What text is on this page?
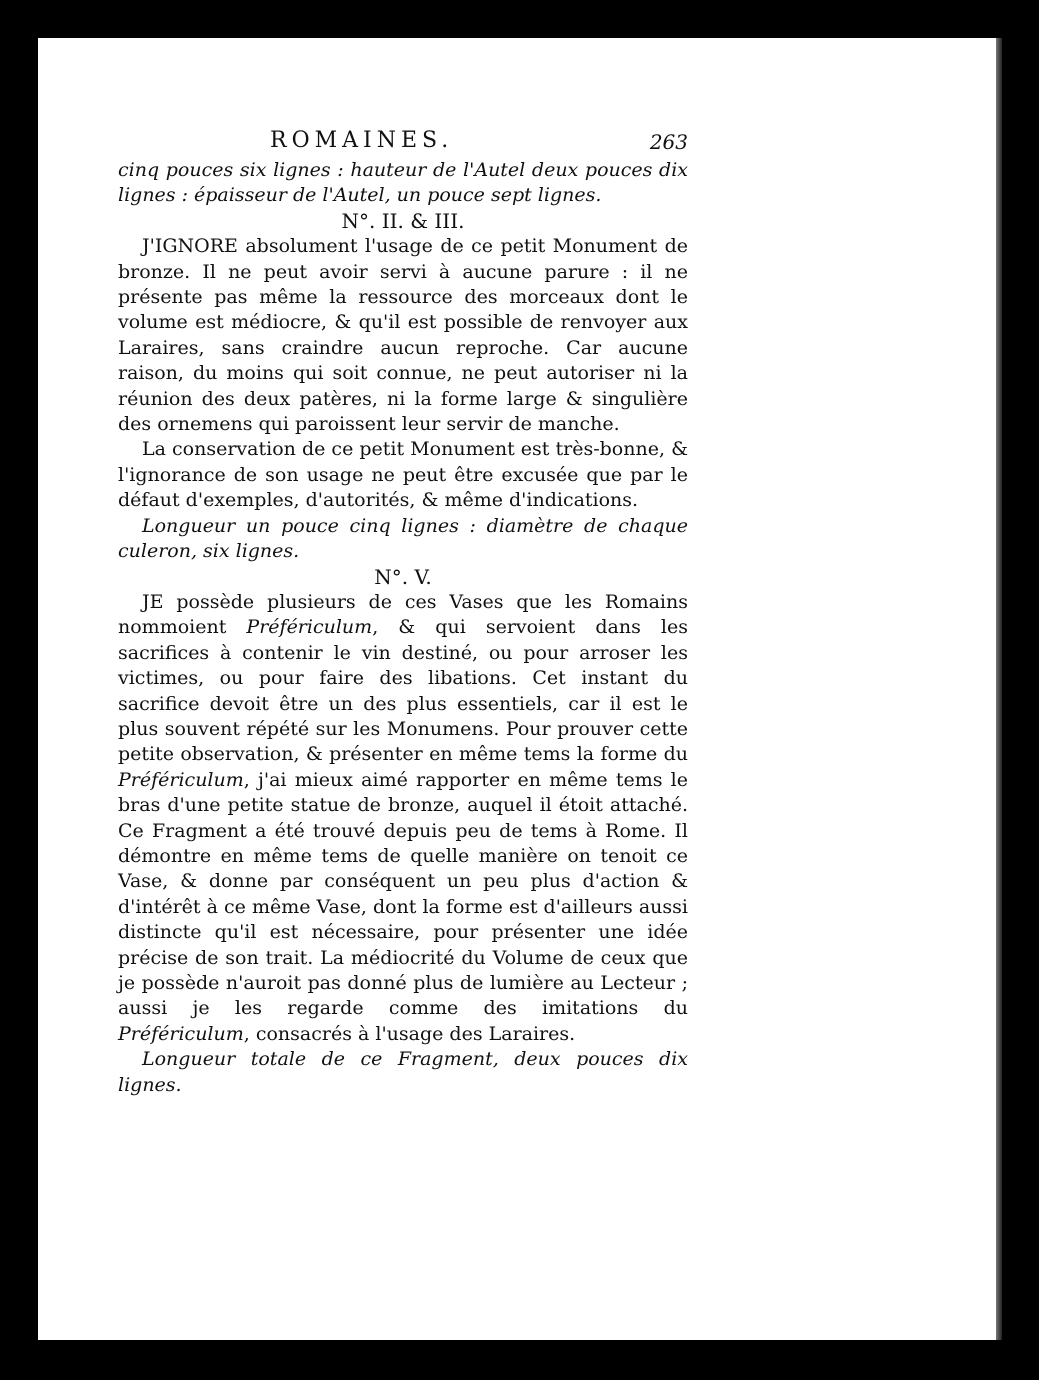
ROMAINES.	263

cinq pouces six lignes : hauteur de l'Autel deux pouces dix lignes : épaisseur de l'Autel, un pouce sept lignes.

N°. II. & III.

J'IGNORE absolument l'usage de ce petit Monument de bronze. Il ne peut avoir servi à aucune parure : il ne présente pas même la ressource des morceaux dont le volume est médiocre, & qu'il est possible de renvoyer aux Laraires, sans craindre aucun reproche. Car aucune raison, du moins qui soit connue, ne peut autoriser ni la réunion des deux patères, ni la forme large & singulière des ornemens qui paroissent leur servir de manche.

La conservation de ce petit Monument est très-bonne, & l'ignorance de son usage ne peut être excusée que par le défaut d'exemples, d'autorités, & même d'indications.

Longueur un pouce cinq lignes : diamètre de chaque culeron, six lignes.

N°. V.

JE possède plusieurs de ces Vases que les Romains nommoient Préfériculum, & qui servoient dans les sacrifices à contenir le vin destiné, ou pour arroser les victimes, ou pour faire des libations. Cet instant du sacrifice devoit être un des plus essentiels, car il est le plus souvent répété sur les Monumens. Pour prouver cette petite observation, & présenter en même tems la forme du Préfériculum, j'ai mieux aimé rapporter en même tems le bras d'une petite statue de bronze, auquel il étoit attaché. Ce Fragment a été trouvé depuis peu de tems à Rome. Il démontre en même tems de quelle manière on tenoit ce Vase, & donne par conséquent un peu plus d'action & d'intérêt à ce même Vase, dont la forme est d'ailleurs aussi distincte qu'il est nécessaire, pour présenter une idée précise de son trait. La médiocrité du Volume de ceux que je possède n'auroit pas donné plus de lumière au Lecteur ; aussi je les regarde comme des imitations du Préfériculum, consacrés à l'usage des Laraires.

Longueur totale de ce Fragment, deux pouces dix lignes.
